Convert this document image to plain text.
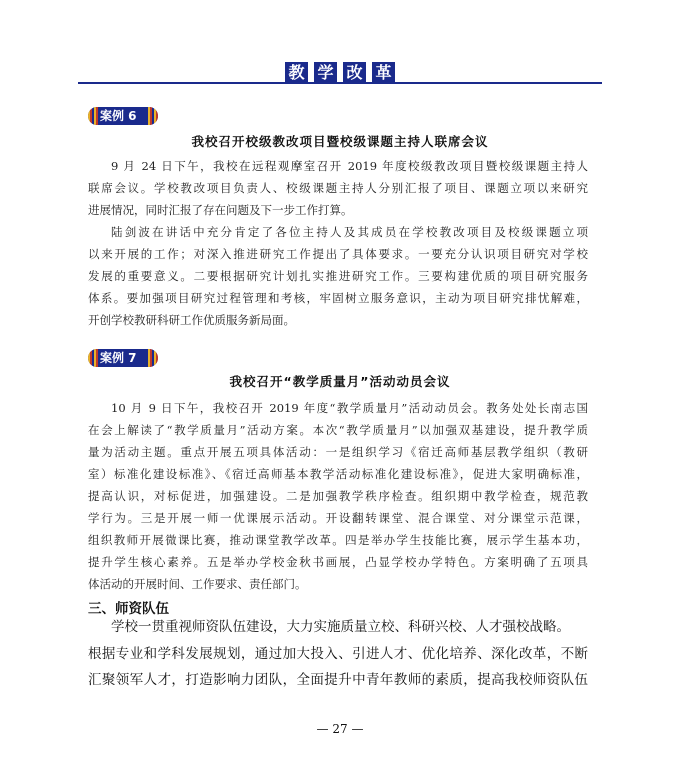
教 学 改 革
案例 6
我校召开校级教改项目暨校级课题主持人联席会议
9 月 24 日下午，我校在远程观摩室召开 2019 年度校级教改项目暨校级课题主持人
联席会议。学校教改项目负责人、校级课题主持人分别汇报了项目、课题立项以来研究
进展情况，同时汇报了存在问题及下一步工作打算。
陆剑波在讲话中充分肯定了各位主持人及其成员在学校教改项目及校级课题立项
以来开展的工作；对深入推进研究工作提出了具体要求。一要充分认识项目研究对学校
发展的重要意义。二要根据研究计划扎实推进研究工作。三要构建优质的项目研究服务
体系。要加强项目研究过程管理和考核，牢固树立服务意识，主动为项目研究排忧解难，
开创学校教研科研工作优质服务新局面。
案例 7
我校召开“教学质量月”活动动员会议
10 月 9 日下午，我校召开 2019 年度“教学质量月”活动动员会。教务处处长南志国
在会上解读了“教学质量月”活动方案。本次“教学质量月”以加强双基建设，提升教学质
量为活动主题。重点开展五项具体活动：一是组织学习《宿迁高师基层教学组织（教研
室）标准化建设标准》、《宿迁高师基本教学活动标准化建设标准》，促进大家明确标准，
提高认识，对标促进，加强建设。二是加强教学秩序检查。组织期中教学检查，规范教
学行为。三是开展一师一优课展示活动。开设翻转课堂、混合课堂、对分课堂示范课，
组织教师开展微课比赛，推动课堂教学改革。四是举办学生技能比赛，展示学生基本功，
提升学生核心素养。五是举办学校金秋书画展，凸显学校办学特色。方案明确了五项具
体活动的开展时间、工作要求、责任部门。
三、师资队伍
学校一贯重视师资队伍建设，大力实施质量立校、科研兴校、人才强校战略。
根据专业和学科发展规划，通过加大投入、引进人才、优化培养、深化改革，不断
汇聚领军人才，打造影响力团队，全面提升中青年教师的素质，提高我校师资队伍
— 27 —
